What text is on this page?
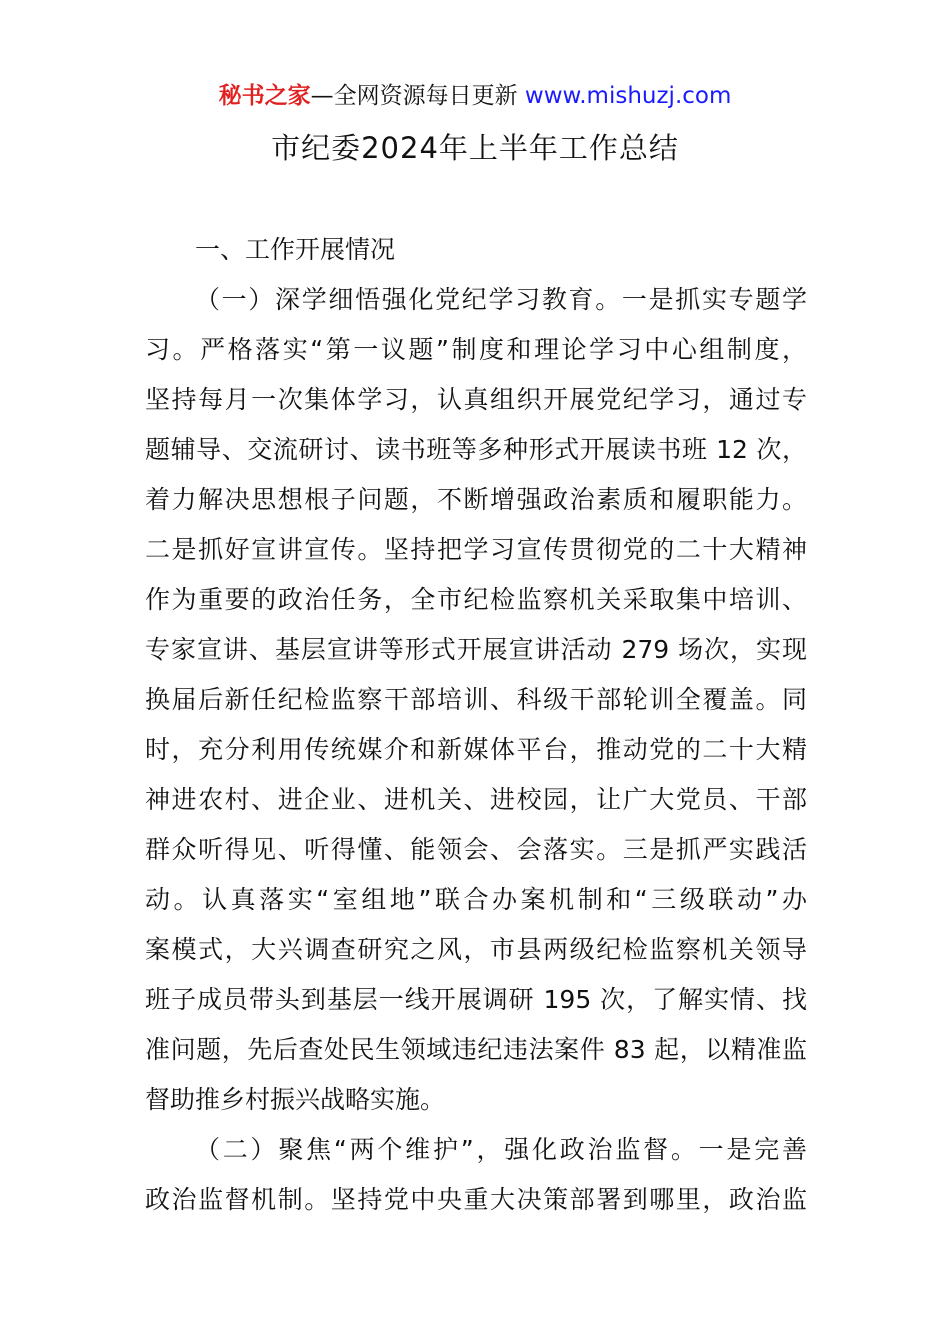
秘书之家—全网资源每日更新 www.mishuzj.com
市纪委2024年上半年工作总结
一、工作开展情况
（一）深学细悟强化党纪学习教育。一是抓实专题学
习。严格落实“第一议题”制度和理论学习中心组制度，
坚持每月一次集体学习，认真组织开展党纪学习，通过专
题辅导、交流研讨、读书班等多种形式开展读书班 12 次，
着力解决思想根子问题，不断增强政治素质和履职能力。
二是抓好宣讲宣传。坚持把学习宣传贯彻党的二十大精神
作为重要的政治任务，全市纪检监察机关采取集中培训、
专家宣讲、基层宣讲等形式开展宣讲活动 279 场次，实现
换届后新任纪检监察干部培训、科级干部轮训全覆盖。同
时，充分利用传统媒介和新媒体平台，推动党的二十大精
神进农村、进企业、进机关、进校园，让广大党员、干部
群众听得见、听得懂、能领会、会落实。三是抓严实践活
动。认真落实“室组地”联合办案机制和“三级联动”办
案模式，大兴调查研究之风，市县两级纪检监察机关领导
班子成员带头到基层一线开展调研 195 次，了解实情、找
准问题，先后查处民生领域违纪违法案件 83 起，以精准监
督助推乡村振兴战略实施。
（二）聚焦“两个维护”，强化政治监督。一是完善
政治监督机制。坚持党中央重大决策部署到哪里，政治监
